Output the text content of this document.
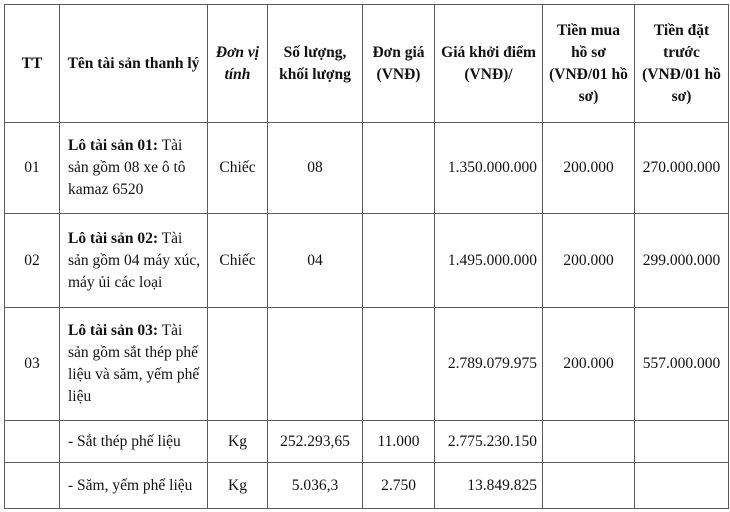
TT	Tên tài sản thanh lý	Đơn vị tính	Số lượng, khối lượng	Đơn giá (VNĐ)	Giá khởi điểm (VNĐ)/	Tiền mua hồ sơ (VNĐ/01 hồ sơ)	Tiền đặt trước (VNĐ/01 hồ sơ)
01	Lô tài sản 01: Tài sản gồm 08 xe ô tô kamaz 6520	Chiếc	08		1.350.000.000	200.000	270.000.000
02	Lô tài sản 02: Tài sản gồm 04 máy xúc, máy ủi các loại	Chiếc	04		1.495.000.000	200.000	299.000.000
03	Lô tài sản 03: Tài sản gồm sắt thép phế liệu và săm, yếm phế liệu				2.789.079.975	200.000	557.000.000
	- Sắt thép phế liệu	Kg	252.293,65	11.000	2.775.230.150		
	- Săm, yếm phế liệu	Kg	5.036,3	2.750	13.849.825		
